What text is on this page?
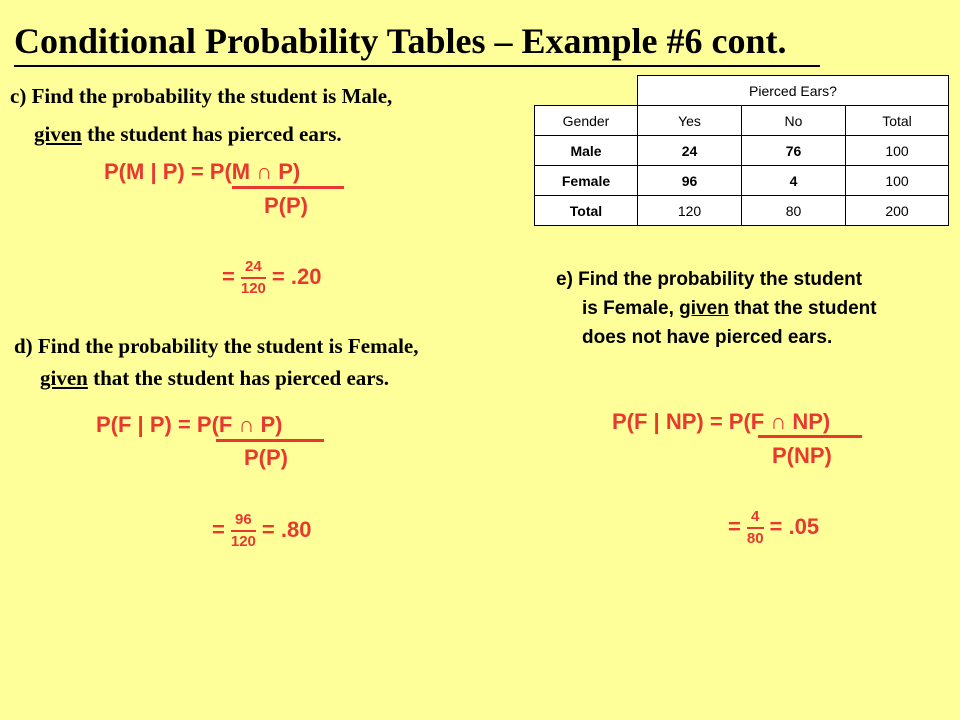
Conditional Probability Tables – Example #6 cont.
c) Find the probability the student is Male,
given the student has pierced ears.
P(M | P) = P(M ∩ P)
P(P)
= $\frac{24}{120} = .20$
d) Find the probability the student is Female,
given that the student has pierced ears.
P(F | P) = P(F ∩ P)
P(P)
= $\frac{96}{120} = .80$
	Pierced Ears?		
Gender	Yes	No	Total
Male	24	76	100
Female	96	4	100
Total	120	80	200
e) Find the probability the student
is Female, given that the student
does not have pierced ears.
P(F | NP) = P(F ∩ NP)
P(NP)
= $\frac{4}{80} = .05$
